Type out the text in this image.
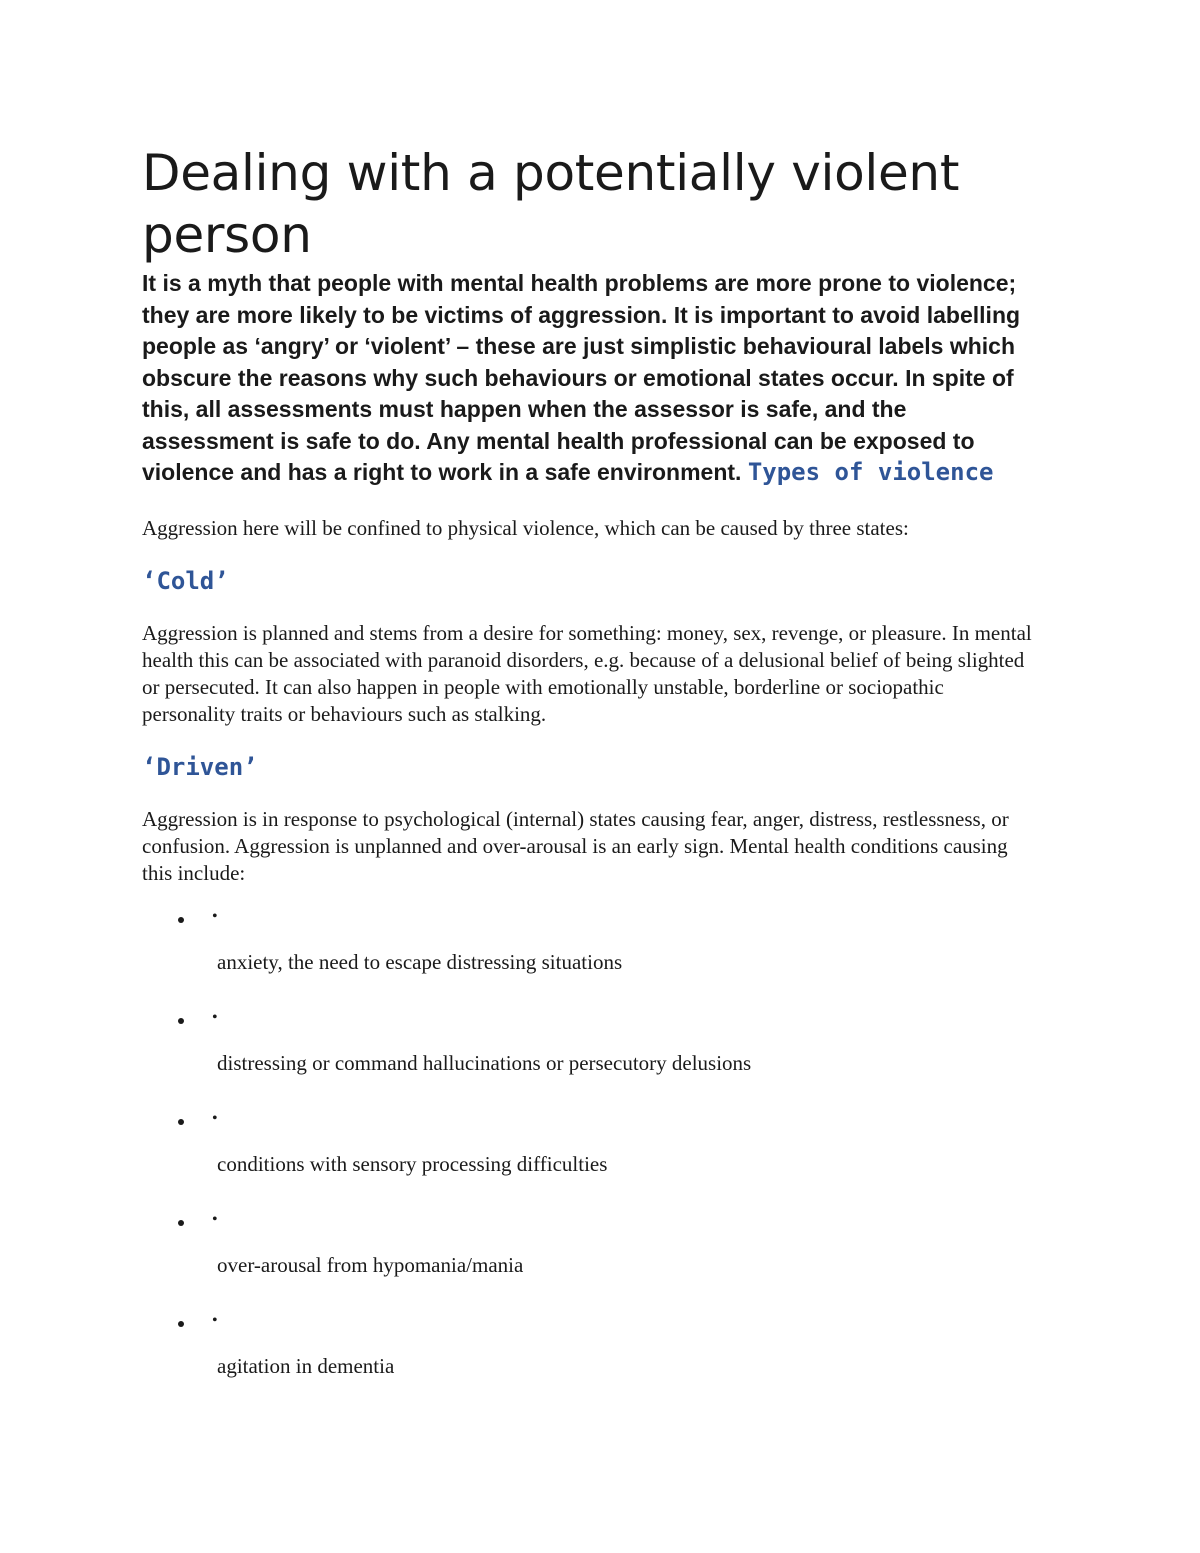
Dealing with a potentially violent person

It is a myth that people with mental health problems are more prone to violence; they are more likely to be victims of aggression. It is important to avoid labelling people as ‘angry’ or ‘violent’ – these are just simplistic behavioural labels which obscure the reasons why such behaviours or emotional states occur. In spite of this, all assessments must happen when the assessor is safe, and the assessment is safe to do. Any mental health professional can be exposed to violence and has a right to work in a safe environment. Types of violence

Aggression here will be confined to physical violence, which can be caused by three states:

‘Cold’

Aggression is planned and stems from a desire for something: money, sex, revenge, or pleasure. In mental health this can be associated with paranoid disorders, e.g. because of a delusional belief of being slighted or persecuted. It can also happen in people with emotionally unstable, borderline or sociopathic personality traits or behaviours such as stalking.

‘Driven’

Aggression is in response to psychological (internal) states causing fear, anger, distress, restlessness, or confusion. Aggression is unplanned and over-arousal is an early sign. Mental health conditions causing this include:

•
anxiety, the need to escape distressing situations
•
distressing or command hallucinations or persecutory delusions
•
conditions with sensory processing difficulties
•
over-arousal from hypomania/mania
•
agitation in dementia
